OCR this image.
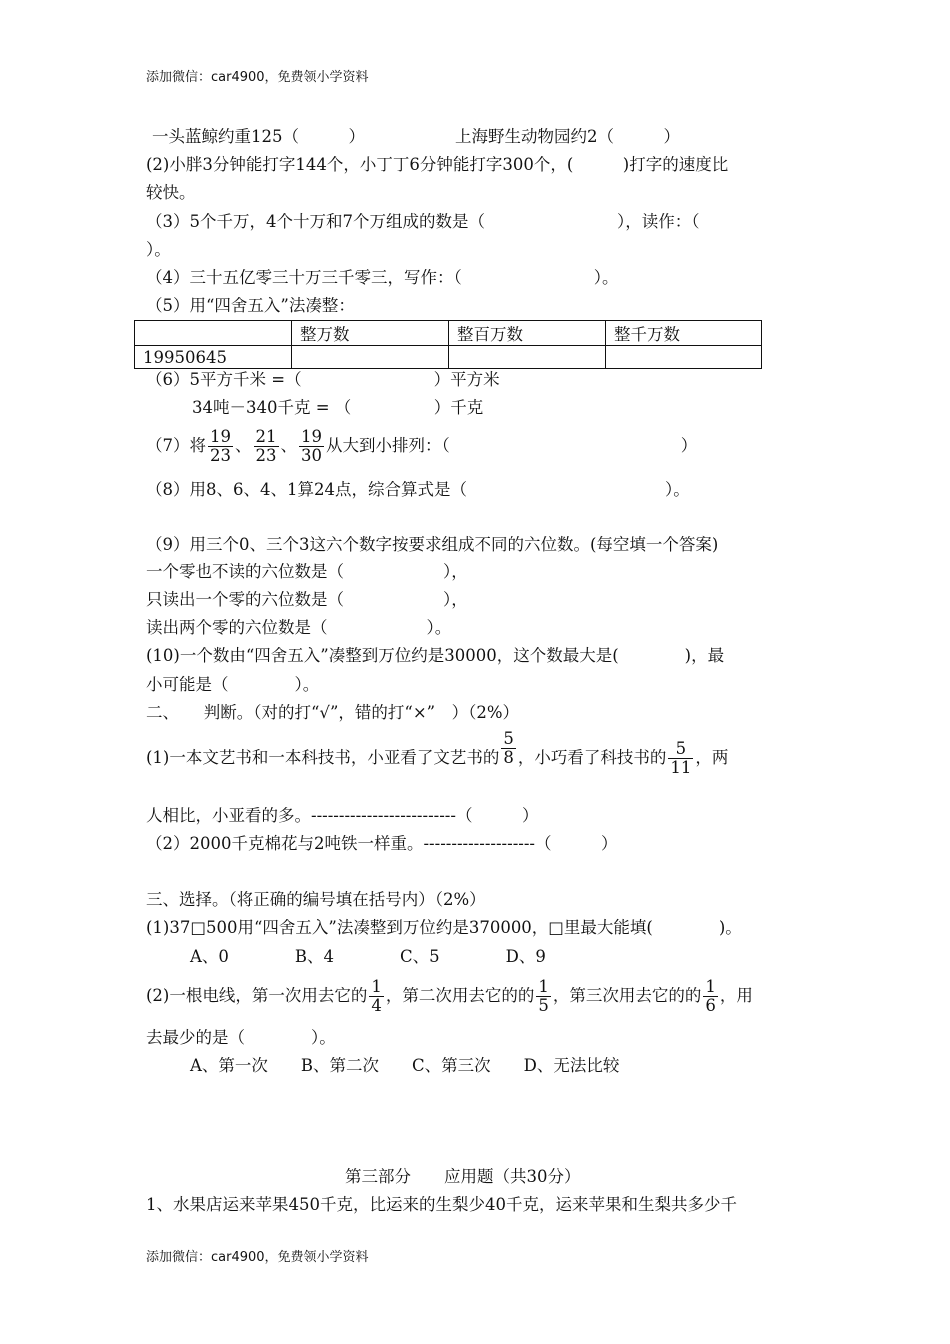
添加微信：car4900，免费领小学资料
一头蓝鲸约重125（　　　）	上海野生动物园约2（　　　）
(2)小胖3分钟能打字144个，小丁丁6分钟能打字300个，(　　　)打字的速度比
较快。
（3）5个千万，4个十万和7个万组成的数是（　　　　　　　　），读作：（
）。
（4）三十五亿零三十万三千零三，写作：（　　　　　　　　）。
（5）用“四舍五入”法凑整：
	整万数	整百万数	整千万数
19950645			
（6）5平方千米 =（　　　　　　　　）平方米
34吨－340千克 = （　　　　　）千克
（7）将 $\frac{19}{23}$ 、 $\frac{21}{23}$ 、 $\frac{19}{30}$ 从大到小排列：（　　　　　　　　　　　　　　）
（8）用8、6、4、1算24点，综合算式是（　　　　　　　　　　　　）。
（9）用三个0、三个3这六个数字按要求组成不同的六位数。(每空填一个答案)
一个零也不读的六位数是（　　　　　　），
只读出一个零的六位数是（　　　　　　），
读出两个零的六位数是（　　　　　　）。
(10)一个数由“四舍五入”凑整到万位约是30000，这个数最大是(　　　　)，最
小可能是（　　　　）。
二、　　判断。（对的打“√”，错的打“×”　）（2%）
(1)一本文艺书和一本科技书，小亚看了文艺书的 $\frac{5}{8}$ ，小巧看了科技书的 $\frac{5}{11}$ ，两
人相比，小亚看的多。--------------------------（　　　）
（2）2000千克棉花与2吨铁一样重。--------------------（　　　）
三、选择。（将正确的编号填在括号内）（2%）
(1)37□500用“四舍五入”法凑整到万位约是370000，□里最大能填(　　　　)。
A、0　　　　B、4　　　　C、5　　　　D、9
(2)一根电线，第一次用去它的 $\frac{1}{4}$ ，第二次用去它的的 $\frac{1}{5}$ ，第三次用去它的的 $\frac{1}{6}$ ，用
去最少的是（　　　　）。
A、第一次　　B、第二次　　C、第三次　　D、无法比较
第三部分　　应用题（共30分）
1、水果店运来苹果450千克，比运来的生梨少40千克，运来苹果和生梨共多少千
添加微信：car4900，免费领小学资料
